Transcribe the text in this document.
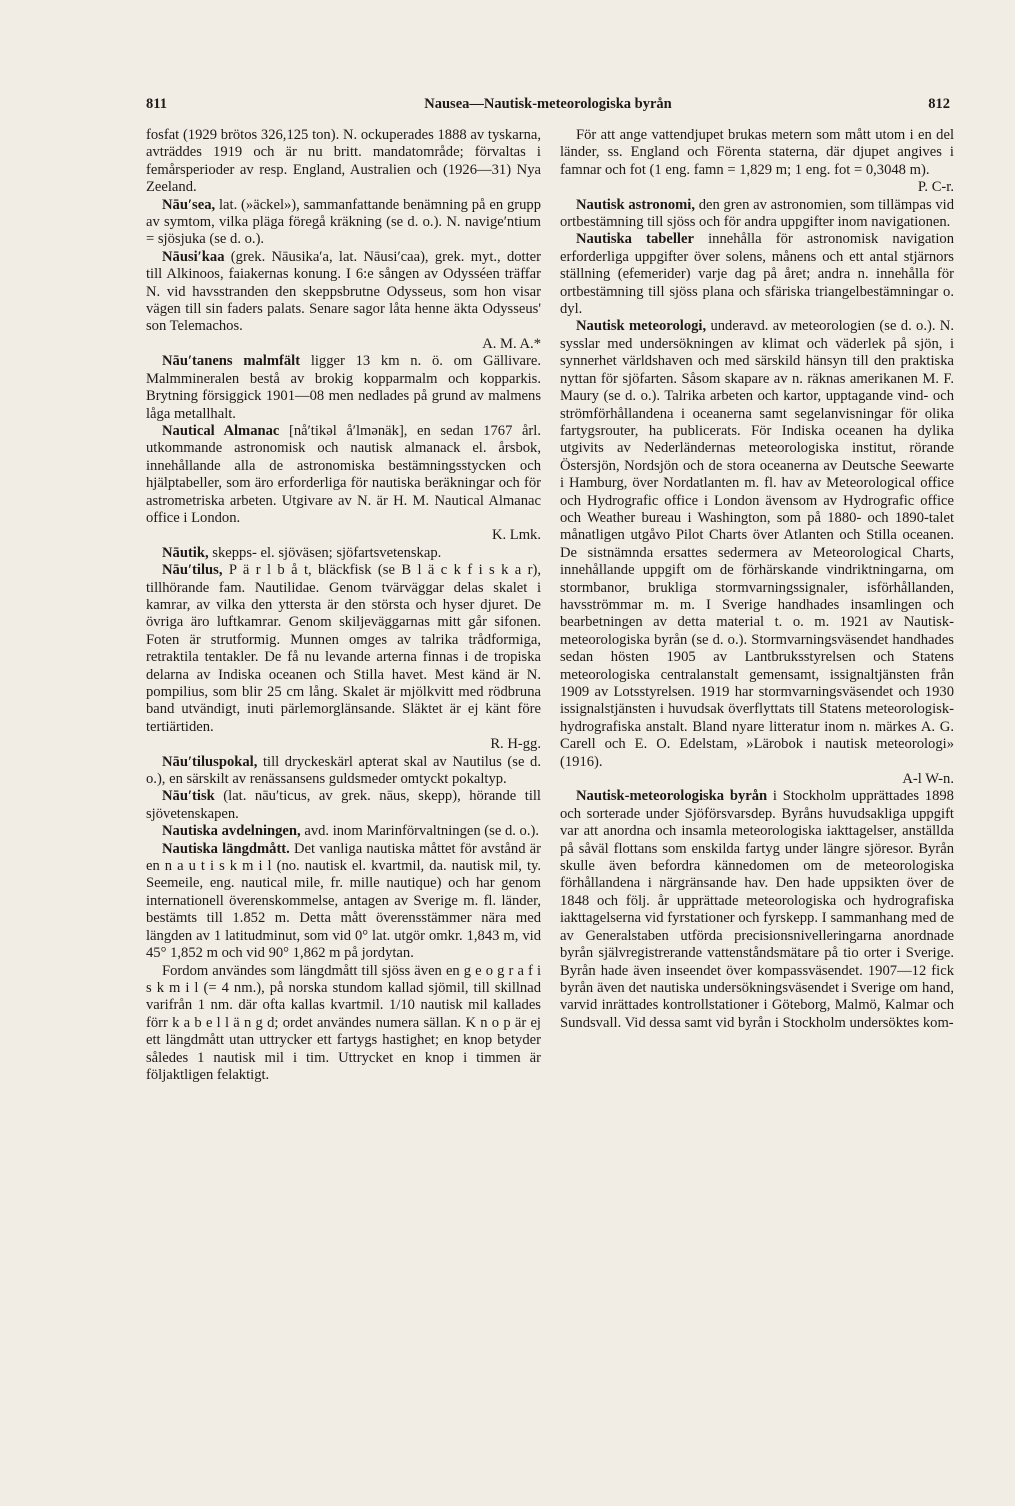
811	Nausea—Nautisk-meteorologiska byrån	812

fosfat (1929 brötos 326,125 ton). N. ockuperades 1888 av tyskarna, avträddes 1919 och är nu britt. mandatområde; förvaltas i femårsperioder av resp. England, Australien och (1926—31) Nya Zeeland.

Nāu′sea, lat. (»äckel»), sammanfattande benämning på en grupp av symtom, vilka pläga föregå kräkning (se d. o.). N. navige′ntium = sjösjuka (se d. o.).

Nāusi′kaa (grek. Nāusika′a, lat. Nāusi′caa), grek. myt., dotter till Alkinoos, faiakernas konung. I 6:e sången av Odysséen träffar N. vid havsstranden den skeppsbrutne Odysseus, som hon visar vägen till sin faders palats. Senare sagor låta henne äkta Odysseus' son Telemachos.
A. M. A.*

Nāu′tanens malmfält ligger 13 km n. ö. om Gällivare. Malmmineralen bestå av brokig kopparmalm och kopparkis. Brytning försiggick 1901—08 men nedlades på grund av malmens låga metallhalt.

Nautical Almanac [nå′tikəl å′lmənäk], en sedan 1767 årl. utkommande astronomisk och nautisk almanack el. årsbok, innehållande alla de astronomiska bestämningsstycken och hjälptabeller, som äro erforderliga för nautiska beräkningar och för astrometriska arbeten. Utgivare av N. är H. M. Nautical Almanac office i London.
K. Lmk.

Nāutik, skepps- el. sjöväsen; sjöfartsvetenskap.

Nāu′tilus, P ä r l b å t, bläckfisk (se B l ä c k f i s k a r), tillhörande fam. Nautilidae. Genom tvärväggar delas skalet i kamrar, av vilka den yttersta är den största och hyser djuret. De övriga äro luftkamrar. Genom skiljeväggarnas mitt går sifonen. Foten är strutformig. Munnen omges av talrika trådformiga, retraktila tentakler. De få nu levande arterna finnas i de tropiska delarna av Indiska oceanen och Stilla havet. Mest känd är N. pompilius, som blir 25 cm lång. Skalet är mjölkvitt med rödbruna band utvändigt, inuti pärlemorglänsande. Släktet är ej känt före tertiärtiden.
R. H-gg.

Nāu′tiluspokal, till dryckeskärl apterat skal av Nautilus (se d. o.), en särskilt av renässansens guldsmeder omtyckt pokaltyp.

Nāu′tisk (lat. nāu′ticus, av grek. nāus, skepp), hörande till sjövetenskapen.

Nautiska avdelningen, avd. inom Marinförvaltningen (se d. o.).

Nautiska längdmått. Det vanliga nautiska måttet för avstånd är en n a u t i s k m i l (no. nautisk el. kvartmil, da. nautisk mil, ty. Seemeile, eng. nautical mile, fr. mille nautique) och har genom internationell överenskommelse, antagen av Sverige m. fl. länder, bestämts till 1.852 m. Detta mått överensstämmer nära med längden av 1 latitudminut, som vid 0° lat. utgör omkr. 1,843 m, vid 45° 1,852 m och vid 90° 1,862 m på jordytan.

Fordom användes som längdmått till sjöss även en g e o g r a f i s k m i l (= 4 nm.), på norska stundom kallad sjömil, till skillnad varifrån 1 nm. där ofta kallas kvartmil. 1/10 nautisk mil kallades förr k a b e l l ä n g d; ordet användes numera sällan. K n o p är ej ett längdmått utan uttrycker ett fartygs hastighet; en knop betyder således 1 nautisk mil i tim. Uttrycket en knop i timmen är följaktligen felaktigt.

För att ange vattendjupet brukas metern som mått utom i en del länder, ss. England och Förenta staterna, där djupet angives i famnar och fot (1 eng. famn = 1,829 m; 1 eng. fot = 0,3048 m).
P. C-r.

Nautisk astronomi, den gren av astronomien, som tillämpas vid ortbestämning till sjöss och för andra uppgifter inom navigationen.

Nautiska tabeller innehålla för astronomisk navigation erforderliga uppgifter över solens, månens och ett antal stjärnors ställning (efemerider) varje dag på året; andra n. innehålla för ortbestämning till sjöss plana och sfäriska triangelbestämningar o. dyl.

Nautisk meteorologi, underavd. av meteorologien (se d. o.). N. sysslar med undersökningen av klimat och väderlek på sjön, i synnerhet världshaven och med särskild hänsyn till den praktiska nyttan för sjöfarten. Såsom skapare av n. räknas amerikanen M. F. Maury (se d. o.). Talrika arbeten och kartor, upptagande vind- och strömförhållandena i oceanerna samt segelanvisningar för olika fartygsrouter, ha publicerats. För Indiska oceanen ha dylika utgivits av Nederländernas meteorologiska institut, rörande Östersjön, Nordsjön och de stora oceanerna av Deutsche Seewarte i Hamburg, över Nordatlanten m. fl. hav av Meteorological office och Hydrografic office i London ävensom av Hydrografic office och Weather bureau i Washington, som på 1880- och 1890-talet månatligen utgåvo Pilot Charts över Atlanten och Stilla oceanen. De sistnämnda ersattes sedermera av Meteorological Charts, innehållande uppgift om de förhärskande vindriktningarna, om stormbanor, brukliga stormvarningssignaler, isförhållanden, havsströmmar m. m. I Sverige handhades insamlingen och bearbetningen av detta material t. o. m. 1921 av Nautisk-meteorologiska byrån (se d. o.). Stormvarningsväsendet handhades sedan hösten 1905 av Lantbruksstyrelsen och Statens meteorologiska centralanstalt gemensamt, issignaltjänsten från 1909 av Lotsstyrelsen. 1919 har stormvarningsväsendet och 1930 issignalstjänsten i huvudsak överflyttats till Statens meteorologisk-hydrografiska anstalt. Bland nyare litteratur inom n. märkes A. G. Carell och E. O. Edelstam, »Lärobok i nautisk meteorologi» (1916).
A-l W-n.

Nautisk-meteorologiska byrån i Stockholm upprättades 1898 och sorterade under Sjöförsvarsdep. Byråns huvudsakliga uppgift var att anordna och insamla meteorologiska iakttagelser, anställda på såväl flottans som enskilda fartyg under längre sjöresor. Byrån skulle även befordra kännedomen om de meteorologiska förhållandena i närgränsande hav. Den hade uppsikten över de 1848 och följ. år upprättade meteorologiska och hydrografiska iakttagelserna vid fyrstationer och fyrskepp. I sammanhang med de av Generalstaben utförda precisionsnivelleringarna anordnade byrån självregistrerande vattenståndsmätare på tio orter i Sverige. Byrån hade även inseendet över kompassväsendet. 1907—12 fick byrån även det nautiska undersökningsväsendet i Sverige om hand, varvid inrättades kontrollstationer i Göteborg, Malmö, Kalmar och Sundsvall. Vid dessa samt vid byrån i Stockholm undersöktes kom-
